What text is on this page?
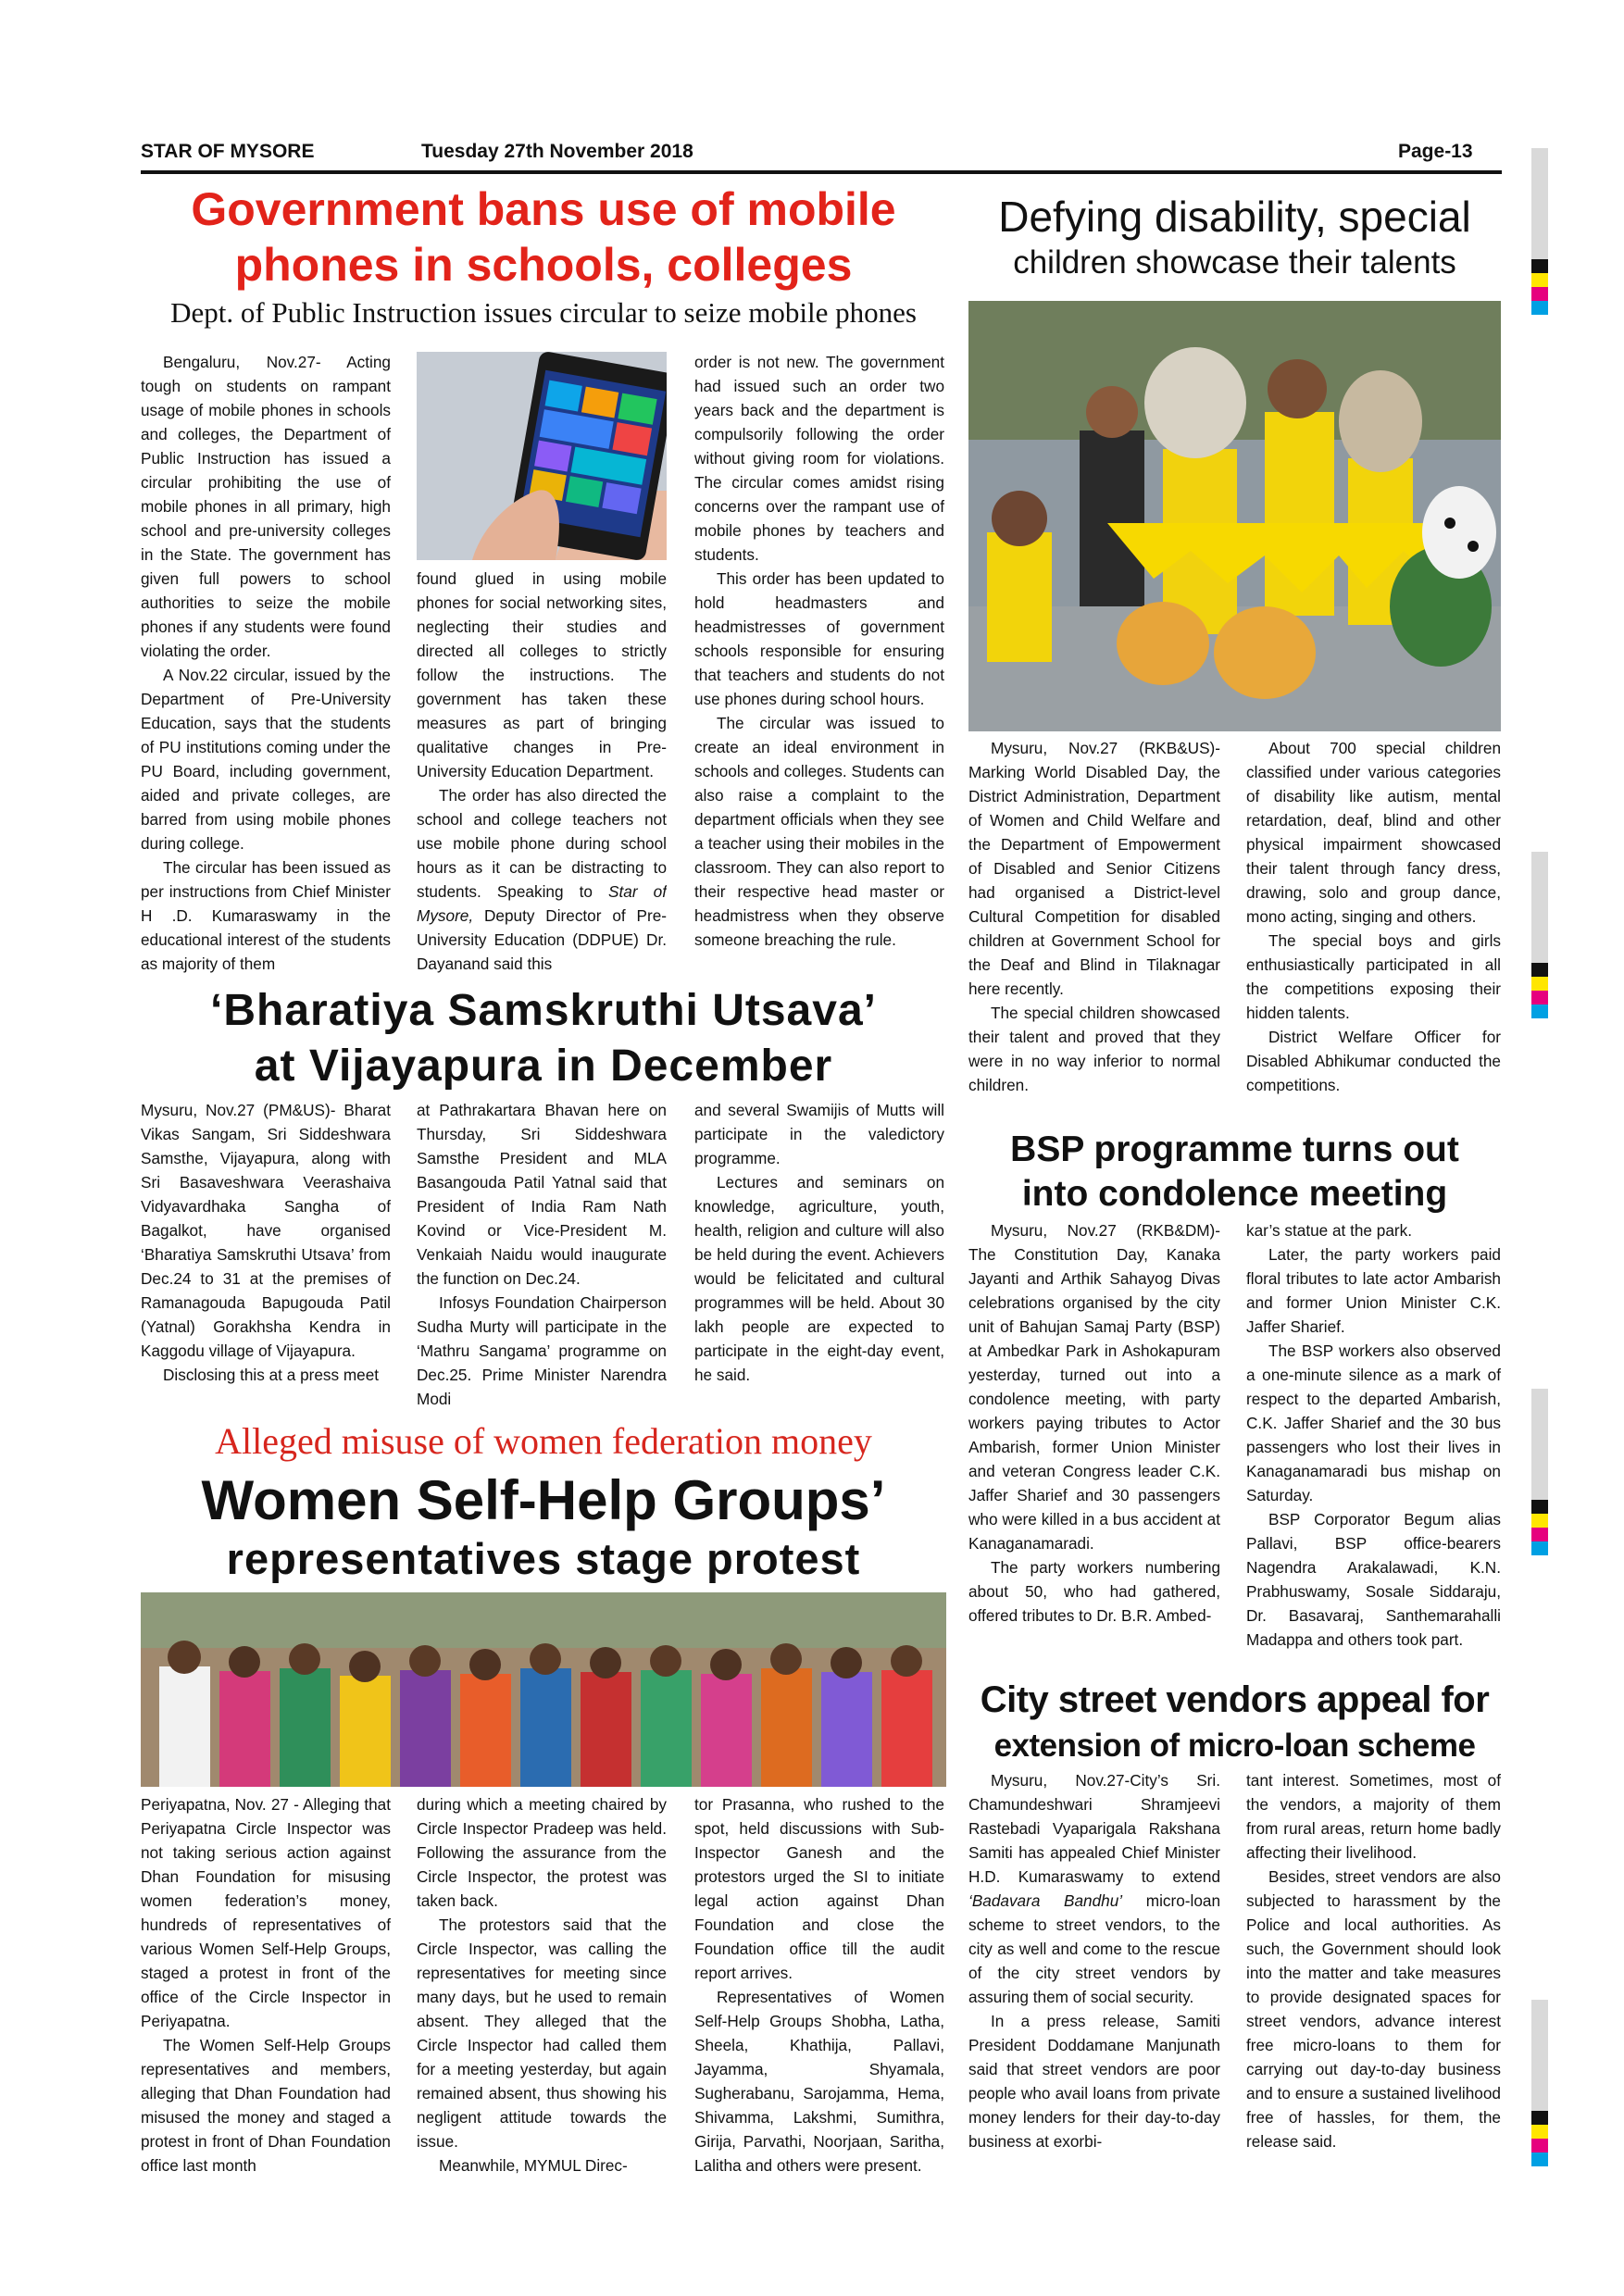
STAR OF MYSORE	Tuesday 27th November 2018	Page-13
Government bans use of mobile
phones in schools, colleges
Dept. of Public Instruction issues circular to seize mobile phones

Bengaluru, Nov.27- Acting tough on students on rampant usage of mobile phones in schools and colleges, the Department of Public Instruction has issued a circular prohibiting the use of mobile phones in all primary, high school and pre-university colleges in the State. The government has given full powers to school authorities to seize the mobile phones if any students were found violating the order.

A Nov.22 circular, issued by the Department of Pre-University Education, says that the students of PU institutions coming under the PU Board, including government, aided and private colleges, are barred from using mobile phones during college.

The circular has been issued as per instructions from Chief Minister H .D. Kumaraswamy in the educational interest of the students as majority of them

found glued in using mobile phones for social networking sites, neglecting their studies and directed all colleges to strictly follow the instructions. The government has taken these measures as part of bringing qualitative changes in Pre-University Education Department.

The order has also directed the school and college teachers not use mobile phone during school hours as it can be distracting to students. Speaking to Star of Mysore, Deputy Director of Pre-University Education (DDPUE) Dr. Dayanand said this

order is not new. The government had issued such an order two years back and the department is compulsorily following the order without giving room for violations. The circular comes amidst rising concerns over the rampant use of mobile phones by teachers and students.

This order has been updated to hold headmasters and headmistresses of government schools responsible for ensuring that teachers and students do not use phones during school hours.

The circular was issued to create an ideal environment in schools and colleges. Students can also raise a complaint to the department officials when they see a teacher using their mobiles in the classroom. They can also report to their respective head master or headmistress when they observe someone breaching the rule.

Defying disability, special
children showcase their talents

Mysuru, Nov.27 (RKB&US)- Marking World Disabled Day, the District Administration, Department of Women and Child Welfare and the Department of Empowerment of Disabled and Senior Citizens had organised a District-level Cultural Competition for disabled children at Government School for the Deaf and Blind in Tilaknagar here recently.

The special children showcased their talent and proved that they were in no way inferior to normal children.

About 700 special children classified under various categories of disability like autism, mental retardation, deaf, blind and other physical impairment showcased their talent through fancy dress, drawing, solo and group dance, mono acting, singing and others.

The special boys and girls enthusiastically participated in all the competitions exposing their hidden talents.

District Welfare Officer for Disabled Abhikumar conducted the competitions.

‘Bharatiya Samskruthi Utsava’
at Vijayapura in December

Mysuru, Nov.27 (PM&US)- Bharat Vikas Sangam, Sri Siddeshwara Samsthe, Vijayapura, along with Sri Basaveshwara Veerashaiva Vidyavardhaka Sangha of Bagalkot, have organised ‘Bharatiya Samskruthi Utsava’ from Dec.24 to 31 at the premises of Ramanagouda Bapugouda Patil (Yatnal) Gorakhsha Kendra in Kaggodu village of Vijayapura.

Disclosing this at a press meet

at Pathrakartara Bhavan here on Thursday, Sri Siddeshwara Samsthe President and MLA Basangouda Patil Yatnal said that President of India Ram Nath Kovind or Vice-President M. Venkaiah Naidu would inaugurate the function on Dec.24.

Infosys Foundation Chairperson Sudha Murty will participate in the ‘Mathru Sangama’ programme on Dec.25. Prime Minister Narendra Modi

and several Swamijis of Mutts will participate in the valedictory programme.

Lectures and seminars on knowledge, agriculture, youth, health, religion and culture will also be held during the event. Achievers would be felicitated and cultural programmes will be held. About 30 lakh people are expected to participate in the eight-day event, he said.

BSP programme turns out
into condolence meeting

Mysuru, Nov.27 (RKB&DM)- The Constitution Day, Kanaka Jayanti and Arthik Sahayog Divas celebrations organised by the city unit of Bahujan Samaj Party (BSP) at Ambedkar Park in Ashokapuram yesterday, turned out into a condolence meeting, with party workers paying tributes to Actor Ambarish, former Union Minister and veteran Congress leader C.K. Jaffer Sharief and 30 passengers who were killed in a bus accident at Kanaganamaradi.

The party workers numbering about 50, who had gathered, offered tributes to Dr. B.R. Ambed-

kar’s statue at the park.

Later, the party workers paid floral tributes to late actor Ambarish and former Union Minister C.K. Jaffer Sharief.

The BSP workers also observed a one-minute silence as a mark of respect to the departed Ambarish, C.K. Jaffer Sharief and the 30 bus passengers who lost their lives in Kanaganamaradi bus mishap on Saturday.

BSP Corporator Begum alias Pallavi, BSP office-bearers Nagendra Arakalawadi, K.N. Prabhuswamy, Sosale Siddaraju, Dr. Basavaraj, Santhemarahalli Madappa and others took part.

Alleged misuse of women federation money
Women Self-Help Groups’
representatives stage protest

Periyapatna, Nov. 27 - Alleging that Periyapatna Circle Inspector was not taking serious action against Dhan Foundation for misusing women federation’s money, hundreds of representatives of various Women Self-Help Groups, staged a protest in front of the office of the Circle Inspector in Periyapatna.

The Women Self-Help Groups representatives and members, alleging that Dhan Foundation had misused the money and staged a protest in front of Dhan Foundation office last month

during which a meeting chaired by Circle Inspector Pradeep was held. Following the assurance from the Circle Inspector, the protest was taken back.

The protestors said that the Circle Inspector, was calling the representatives for meeting since many days, but he used to remain absent. They alleged that the Circle Inspector had called them for a meeting yesterday, but again remained absent, thus showing his negligent attitude towards the issue.

Meanwhile, MYMUL Direc-

tor Prasanna, who rushed to the spot, held discussions with Sub-Inspector Ganesh and the protestors urged the SI to initiate legal action against Dhan Foundation and close the Foundation office till the audit report arrives.

Representatives of Women Self-Help Groups Shobha, Latha, Sheela, Khathija, Pallavi, Jayamma, Shyamala, Sugherabanu, Sarojamma, Hema, Shivamma, Lakshmi, Sumithra, Girija, Parvathi, Noorjaan, Saritha, Lalitha and others were present.

City street vendors appeal for
extension of micro-loan scheme

Mysuru, Nov.27-City’s Sri. Chamundeshwari Shramjeevi Rastebadi Vyaparigala Rakshana Samiti has appealed Chief Minister H.D. Kumaraswamy to extend ‘Badavara Bandhu’ micro-loan scheme to street vendors, to the city as well and come to the rescue of the city street vendors by assuring them of social security.

In a press release, Samiti President Doddamane Manjunath said that street vendors are poor people who avail loans from private money lenders for their day-to-day business at exorbi-

tant interest. Sometimes, most of the vendors, a majority of them from rural areas, return home badly affecting their livelihood.

Besides, street vendors are also subjected to harassment by the Police and local authorities. As such, the Government should look into the matter and take measures to provide designated spaces for street vendors, advance interest free micro-loans to them for carrying out day-to-day business and to ensure a sustained livelihood free of hassles, for them, the release said.
